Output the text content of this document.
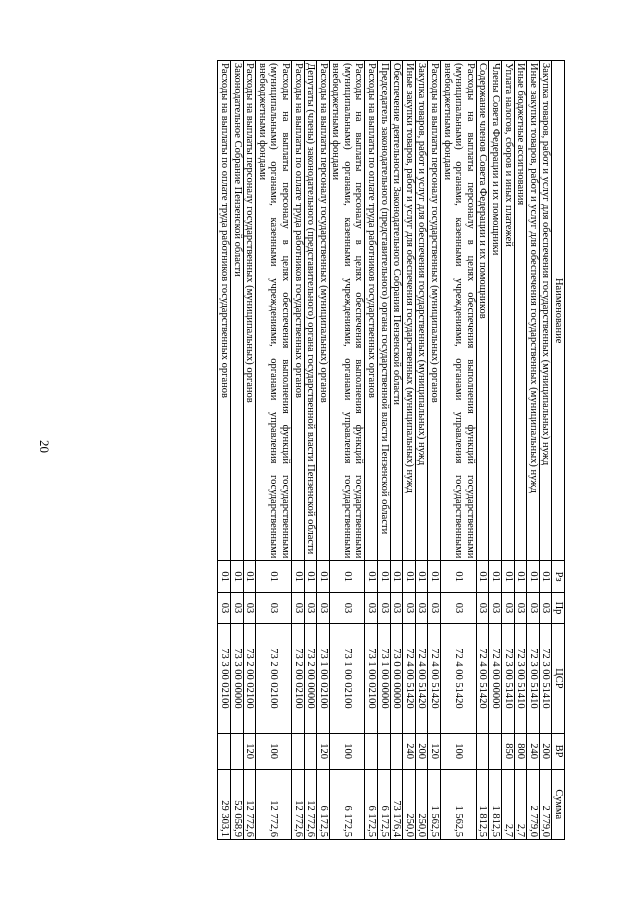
20
Наименование	Рз	Пр	ЦСР	ВР	Сумма
Закупка товаров, работ и услуг для обеспечения государственных (муниципальных) нужд	01	03	72 3 00 51410	200	2 779,0
Иные закупки товаров, работ и услуг для обеспечения государственных (муниципальных) нужд	01	03	72 3 00 51410	240	2 779,0
Иные бюджетные ассигнования	01	03	72 3 00 51410	800	2,7
Уплата налогов, сборов и иных платежей	01	03	72 3 00 51410	850	2,7
Члены Совета Федерации и их помощники	01	03	72 4 00 00000		1 812,5
Содержание членов Совета Федерации и их помощников	01	03	72 4 00 51420		1 812,5
Расходы на выплаты персоналу в целях обеспечения выполнения функций государственными (муниципальными) органами, казенными учреждениями, органами управления государственными внебюджетными фондами	01	03	72 4 00 51420	100	1 562,5
Расходы на выплаты персоналу государственных (муниципальных) органов	01	03	72 4 00 51420	120	1 562,5
Закупка товаров, работ и услуг для обеспечения государственных (муниципальных) нужд	01	03	72 4 00 51420	200	250,0
Иные закупки товаров, работ и услуг для обеспечения государственных (муниципальных) нужд	01	03	72 4 00 51420	240	250,0
Обеспечение деятельности Законодательного Собрания Пензенской области	01	03	73 0 00 00000		73 176,4
Председатель законодательного (представительного) органа государственной власти Пензенской области	01	03	73 1 00 00000		6 172,5
Расходы на выплаты по оплате труда работников государственных органов	01	03	73 1 00 02100		6 172,5
Расходы на выплаты персоналу в целях обеспечения выполнения функций государственными (муниципальными) органами, казенными учреждениями, органами управления государственными внебюджетными фондами	01	03	73 1 00 02100	100	6 172,5
Расходы на выплаты персоналу государственных (муниципальных) органов	01	03	73 1 00 02100	120	6 172,5
Депутаты (члены) законодательного (представительного) органа государственной власти Пензенской области	01	03	73 2 00 00000		12 772,6
Расходы на выплаты по оплате труда работников государственных органов	01	03	73 2 00 02100		12 772,6
Расходы на выплаты персоналу в целях обеспечения выполнения функций государственными (муниципальными) органами, казенными учреждениями, органами управления государственными внебюджетными фондами	01	03	73 2 00 02100	100	12 772,6
Расходы на выплаты персоналу государственных (муниципальных) органов	01	03	73 2 00 02100	120	12 772,6
Законодательное Собрание Пензенской области	01	03	73 3 00 00000		52 058,9
Расходы на выплаты по оплате труда работников государственных органов	01	03	73 3 00 02100		29 303,1
